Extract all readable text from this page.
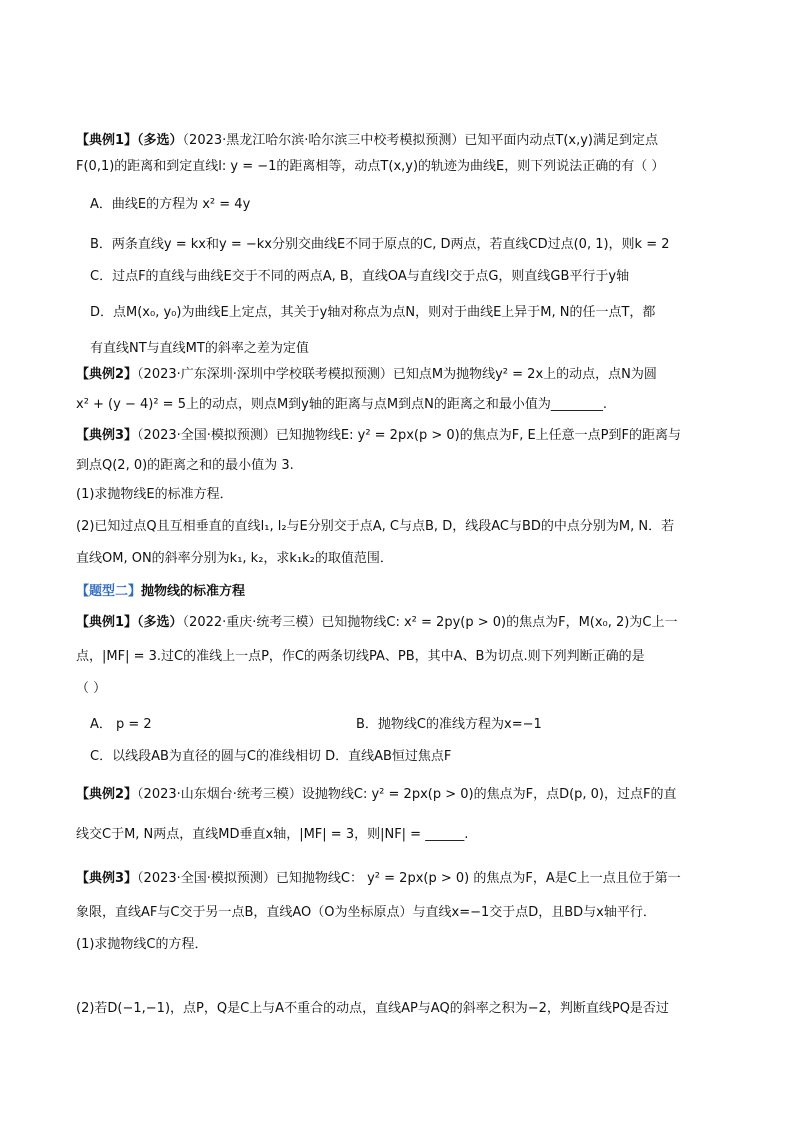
【典例1】（多选）（2023·黑龙江哈尔滨·哈尔滨三中校考模拟预测）已知平面内动点T(x,y)满足到定点
F(0,1)的距离和到定直线l: y = −1的距离相等，动点T(x,y)的轨迹为曲线E，则下列说法正确的有（ ）
A．曲线E的方程为 x² = 4y
B．两条直线y = kx和y = −kx分别交曲线E不同于原点的C, D两点，若直线CD过点(0, 1)，则k = 2
C．过点F的直线与曲线E交于不同的两点A, B，直线OA与直线l交于点G，则直线GB平行于y轴
D．点M(x₀, y₀)为曲线E上定点，其关于y轴对称点为点N，则对于曲线E上异于M, N的任一点T，都
有直线NT与直线MT的斜率之差为定值
【典例2】（2023·广东深圳·深圳中学校联考模拟预测）已知点M为抛物线y² = 2x上的动点，点N为圆
x² + (y − 4)² = 5上的动点，则点M到y轴的距离与点M到点N的距离之和最小值为________.
【典例3】（2023·全国·模拟预测）已知抛物线E: y² = 2px(p > 0)的焦点为F, E上任意一点P到F的距离与
到点Q(2, 0)的距离之和的最小值为 3.
(1)求抛物线E的标准方程．
(2)已知过点Q且互相垂直的直线l₁, l₂与E分别交于点A, C与点B, D，线段AC与BD的中点分别为M, N．若
直线OM, ON的斜率分别为k₁, k₂，求k₁k₂的取值范围．
【题型二】抛物线的标准方程
【典例1】（多选）（2022·重庆·统考三模）已知抛物线C: x² = 2py(p > 0)的焦点为F，M(x₀, 2)为C上一
点，|MF| = 3.过C的准线上一点P，作C的两条切线PA、PB，其中A、B为切点.则下列判断正确的是
（ ）
A． p = 2
C．以线段AB为直径的圆与C的准线相切 D．直线AB恒过焦点F
【典例2】（2023·山东烟台·统考三模）设抛物线C: y² = 2px(p > 0)的焦点为F，点D(p, 0)，过点F的直
线交C于M, N两点，直线MD垂直x轴，|MF| = 3，则|NF| = ______.
【典例3】（2023·全国·模拟预测）已知抛物线C： y² = 2px(p > 0) 的焦点为F，A是C上一点且位于第一
象限，直线AF与C交于另一点B，直线AO（O为坐标原点）与直线x=−1交于点D，且BD与x轴平行．
(1)求抛物线C的方程．
(2)若D(−1,−1)，点P，Q是C上与A不重合的动点，直线AP与AQ的斜率之积为−2，判断直线PQ是否过
B．抛物线C的准线方程为x=−1
